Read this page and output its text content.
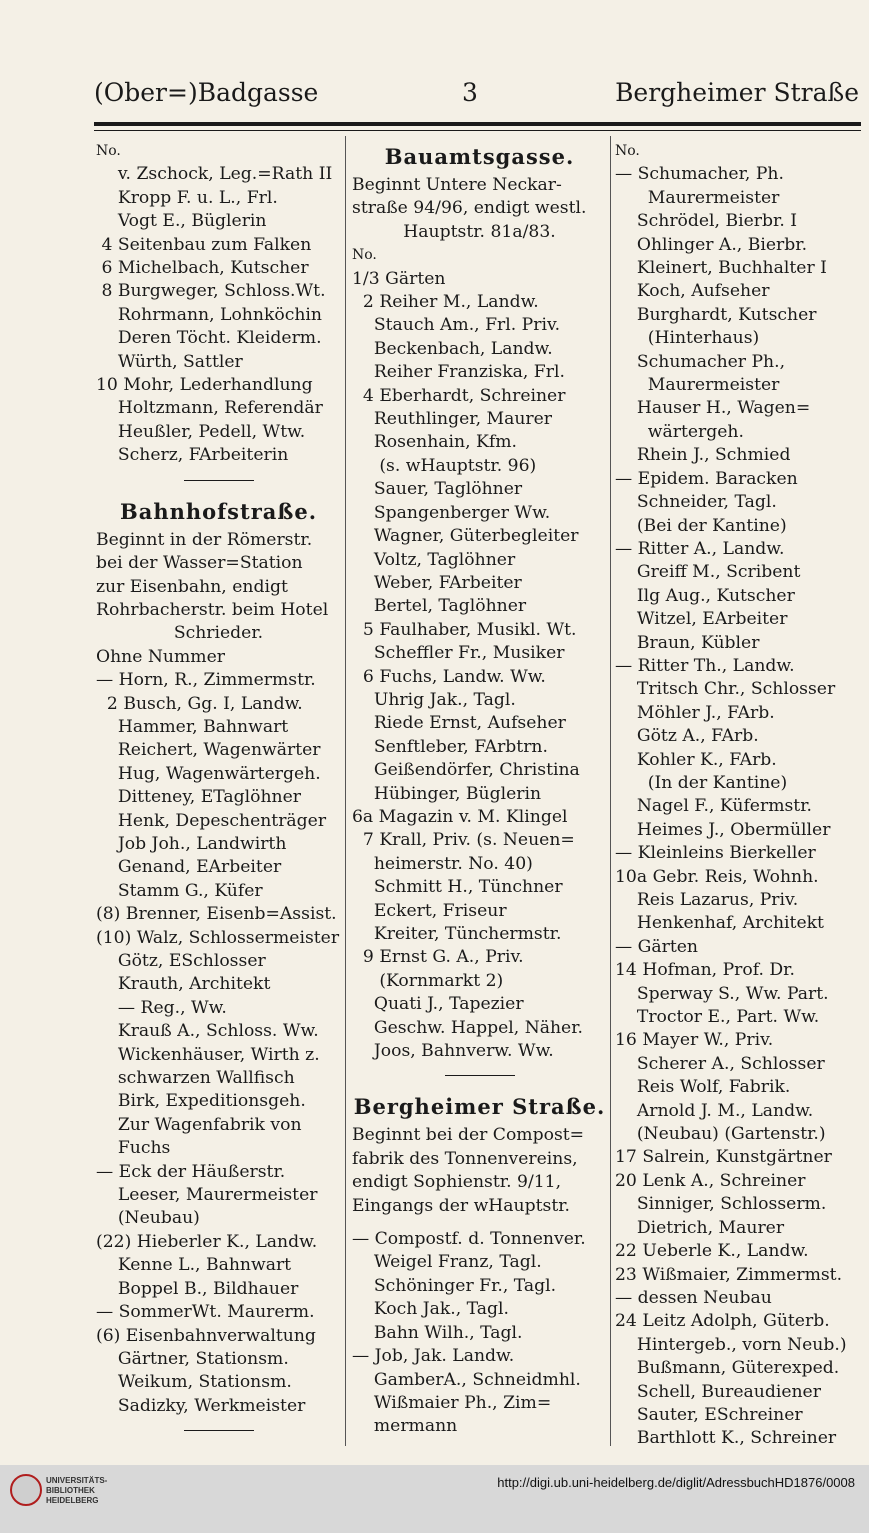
(Ober=)Badgasse	3	Bergheimer Straße
No.
v. Zschock, Leg.=Rath II
Kropp F. u. L., Frl.
Vogt E., Büglerin
4 Seitenbau zum Falken
6 Michelbach, Kutscher
8 Burgweger, Schloss.Wt.
Rohrmann, Lohnköchin
Deren Töcht. Kleiderm.
Würth, Sattler
10 Mohr, Lederhandlung
Holtzmann, Referendär
Heußler, Pedell, Wtw.
Scherz, FArbeiterin
Bahnhofstraße.
Beginnt in der Römerstr.
bei der Wasser=Station
zur Eisenbahn, endigt
Rohrbacherstr. beim Hotel
Schrieder.
Ohne Nummer
— Horn, R., Zimmermstr.
2 Busch, Gg. I, Landw.
Hammer, Bahnwart
Reichert, Wagenwärter
Hug, Wagenwärtergeh.
Ditteney, ETaglöhner
Henk, Depeschenträger
Job Joh., Landwirth
Genand, EArbeiter
Stamm G., Küfer
(8) Brenner, Eisenb=Assist.
(10) Walz, Schlossermeister
Götz, ESchlosser
Krauth, Architekt
— Reg., Ww.
Krauß A., Schloss. Ww.
Wickenhäuser, Wirth z.
schwarzen Wallfisch
Birk, Expeditionsgeh.
Zur Wagenfabrik von
Fuchs
— Eck der Häußerstr.
Leeser, Maurermeister
(Neubau)
(22) Hieberler K., Landw.
Kenne L., Bahnwart
Boppel B., Bildhauer
— SommerWt. Maurerm.
(6) Eisenbahnverwaltung
Gärtner, Stationsm.
Weikum, Stationsm.
Sadizky, Werkmeister
Bauamtsgasse.
Beginnt Untere Neckar-
straße 94/96, endigt westl.
Hauptstr. 81a/83.
No.
1/3 Gärten
2 Reiher M., Landw.
Stauch Am., Frl. Priv.
Beckenbach, Landw.
Reiher Franziska, Frl.
4 Eberhardt, Schreiner
Reuthlinger, Maurer
Rosenhain, Kfm.
(s. wHauptstr. 96)
Sauer, Taglöhner
Spangenberger Ww.
Wagner, Güterbegleiter
Voltz, Taglöhner
Weber, FArbeiter
Bertel, Taglöhner
5 Faulhaber, Musikl. Wt.
Scheffler Fr., Musiker
6 Fuchs, Landw. Ww.
Uhrig Jak., Tagl.
Riede Ernst, Aufseher
Senftleber, FArbtrn.
Geißendörfer, Christina
Hübinger, Büglerin
6a Magazin v. M. Klingel
7 Krall, Priv. (s. Neuen=
heimerstr. No. 40)
Schmitt H., Tünchner
Eckert, Friseur
Kreiter, Tünchermstr.
9 Ernst G. A., Priv.
(Kornmarkt 2)
Quati J., Tapezier
Geschw. Happel, Näher.
Joos, Bahnverw. Ww.
Bergheimer Straße.
Beginnt bei der Compost=
fabrik des Tonnenvereins,
endigt Sophienstr. 9/11,
Eingangs der wHauptstr.
— Compostf. d. Tonnenver.
Weigel Franz, Tagl.
Schöninger Fr., Tagl.
Koch Jak., Tagl.
Bahn Wilh., Tagl.
— Job, Jak. Landw.
GamberA., Schneidmhl.
Wißmaier Ph., Zim=
mermann
No.
— Schumacher, Ph.
Maurermeister
Schrödel, Bierbr. I
Ohlinger A., Bierbr.
Kleinert, Buchhalter I
Koch, Aufseher
Burghardt, Kutscher
(Hinterhaus)
Schumacher Ph.,
Maurermeister
Hauser H., Wagen=
wärtergeh.
Rhein J., Schmied
— Epidem. Baracken
Schneider, Tagl.
(Bei der Kantine)
— Ritter A., Landw.
Greiff M., Scribent
Ilg Aug., Kutscher
Witzel, EArbeiter
Braun, Kübler
— Ritter Th., Landw.
Tritsch Chr., Schlosser
Möhler J., FArb.
Götz A., FArb.
Kohler K., FArb.
(In der Kantine)
Nagel F., Küfermstr.
Heimes J., Obermüller
— Kleinleins Bierkeller
10a Gebr. Reis, Wohnh.
Reis Lazarus, Priv.
Henkenhaf, Architekt
— Gärten
14 Hofman, Prof. Dr.
Sperway S., Ww. Part.
Troctor E., Part. Ww.
16 Mayer W., Priv.
Scherer A., Schlosser
Reis Wolf, Fabrik.
Arnold J. M., Landw.
(Neubau) (Gartenstr.)
17 Salrein, Kunstgärtner
20 Lenk A., Schreiner
Sinniger, Schlosserm.
Dietrich, Maurer
22 Ueberle K., Landw.
23 Wißmaier, Zimmermst.
— dessen Neubau
24 Leitz Adolph, Güterb.
Hintergeb., vorn Neub.)
Bußmann, Güterexped.
Schell, Bureaudiener
Sauter, ESchreiner
Barthlott K., Schreiner
UNIVERSITÄTS-
BIBLIOTHEK
HEIDELBERG
http://digi.ub.uni-heidelberg.de/diglit/AdressbuchHD1876/0008
